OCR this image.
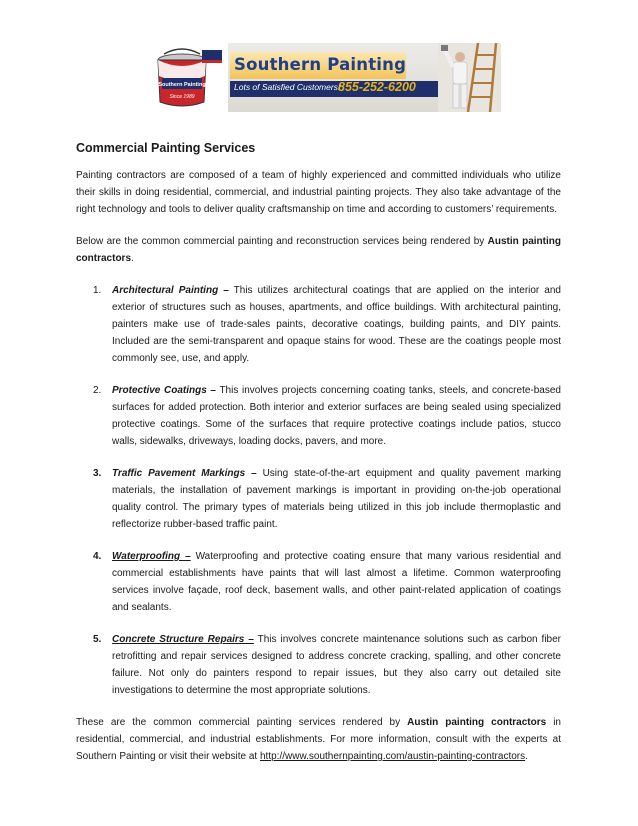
Southern Painting
Since 1989
Southern Painting
Lots of Satisfied Customers!
855-252-6200
Commercial Painting Services

Painting contractors are composed of a team of highly experienced and committed individuals who utilize their skills in doing residential, commercial, and industrial painting projects. They also take advantage of the right technology and tools to deliver quality craftsmanship on time and according to customers’ requirements.

Below are the common commercial painting and reconstruction services being rendered by Austin painting contractors.

1. Architectural Painting – This utilizes architectural coatings that are applied on the interior and exterior of structures such as houses, apartments, and office buildings. With architectural painting, painters make use of trade-sales paints, decorative coatings, building paints, and DIY paints. Included are the semi-transparent and opaque stains for wood. These are the coatings people most commonly see, use, and apply.
2. Protective Coatings – This involves projects concerning coating tanks, steels, and concrete-based surfaces for added protection. Both interior and exterior surfaces are being sealed using specialized protective coatings. Some of the surfaces that require protective coatings include patios, stucco walls, sidewalks, driveways, loading docks, pavers, and more.
3. Traffic Pavement Markings – Using state-of-the-art equipment and quality pavement marking materials, the installation of pavement markings is important in providing on-the-job operational quality control. The primary types of materials being utilized in this job include thermoplastic and reflectorize rubber-based traffic paint.
4. Waterproofing – Waterproofing and protective coating ensure that many various residential and commercial establishments have paints that will last almost a lifetime. Common waterproofing services involve façade, roof deck, basement walls, and other paint-related application of coatings and sealants.
5. Concrete Structure Repairs – This involves concrete maintenance solutions such as carbon fiber retrofitting and repair services designed to address concrete cracking, spalling, and other concrete failure. Not only do painters respond to repair issues, but they also carry out detailed site investigations to determine the most appropriate solutions.

These are the common commercial painting services rendered by Austin painting contractors in residential, commercial, and industrial establishments. For more information, consult with the experts at Southern Painting or visit their website at http://www.southernpainting.com/austin-painting-contractors.
